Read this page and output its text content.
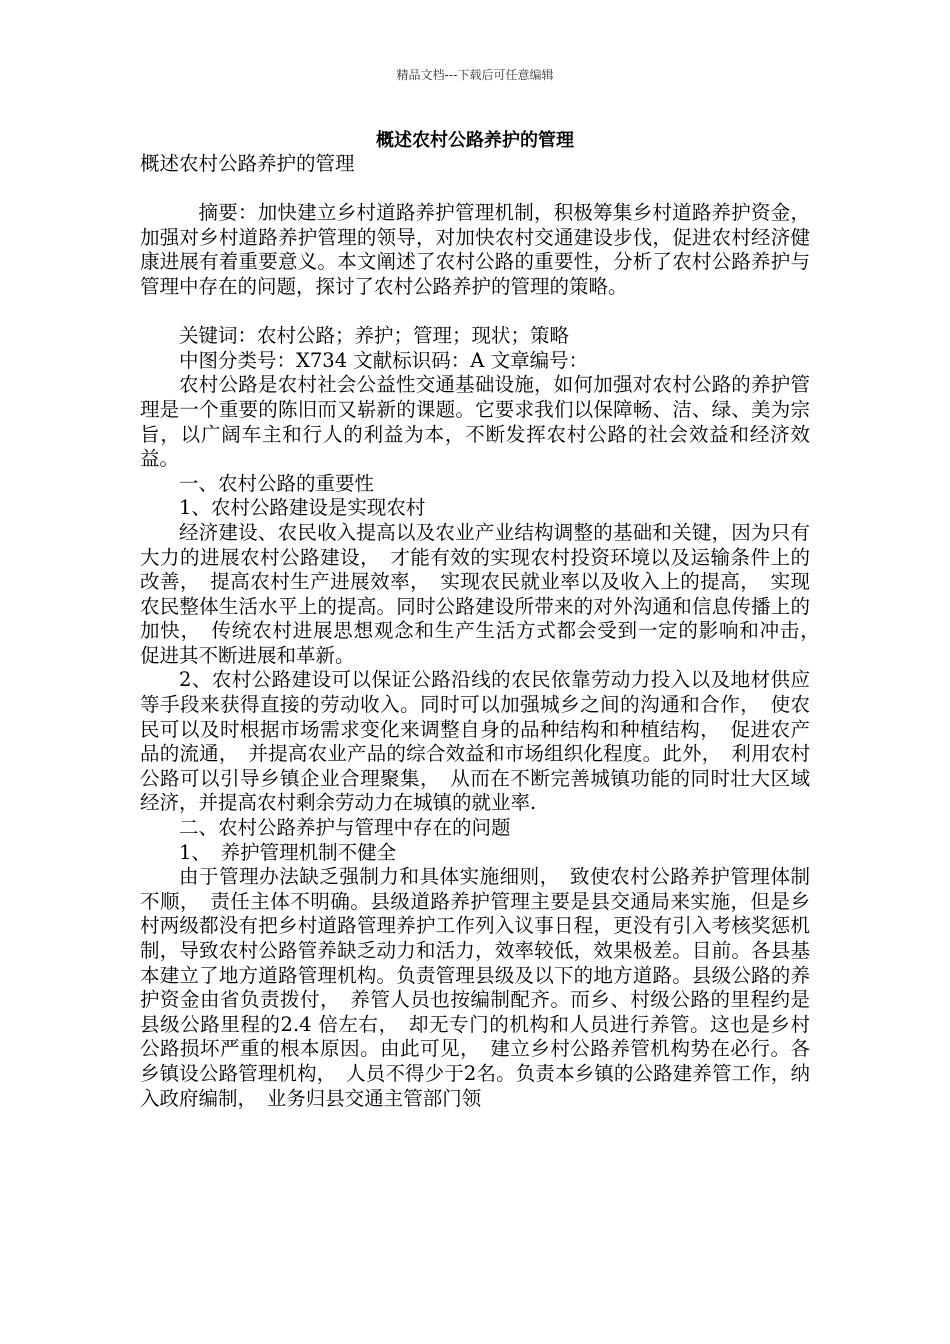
精品文档---下载后可任意编辑
概述农村公路养护的管理

概述农村公路养护的管理

摘要：加快建立乡村道路养护管理机制，积极筹集乡村道路养护资金，加强对乡村道路养护管理的领导，对加快农村交通建设步伐，促进农村经济健康进展有着重要意义。本文阐述了农村公路的重要性，分析了农村公路养护与管理中存在的问题，探讨了农村公路养护的管理的策略。

关键词：农村公路；养护；管理；现状；策略

中图分类号：X734 文献标识码：A 文章编号：

农村公路是农村社会公益性交通基础设施，如何加强对农村公路的养护管理是一个重要的陈旧而又崭新的课题。它要求我们以保障畅、洁、绿、美为宗旨，以广阔车主和行人的利益为本，不断发挥农村公路的社会效益和经济效益。

一、农村公路的重要性

1、农村公路建设是实现农村

经济建设、农民收入提高以及农业产业结构调整的基础和关键，因为只有大力的进展农村公路建设，　才能有效的实现农村投资环境以及运输条件上的改善，　提高农村生产进展效率，　实现农民就业率以及收入上的提高，　实现农民整体生活水平上的提高。同时公路建设所带来的对外沟通和信息传播上的加快，　传统农村进展思想观念和生产生活方式都会受到一定的影响和冲击，　促进其不断进展和革新。

2、农村公路建设可以保证公路沿线的农民依靠劳动力投入以及地材供应等手段来获得直接的劳动收入。同时可以加强城乡之间的沟通和合作，　使农民可以及时根据市场需求变化来调整自身的品种结构和种植结构，　促进农产品的流通，　并提高农业产品的综合效益和市场组织化程度。此外，　利用农村公路可以引导乡镇企业合理聚集，　从而在不断完善城镇功能的同时壮大区域经济，并提高农村剩余劳动力在城镇的就业率.

二、农村公路养护与管理中存在的问题

1、　养护管理机制不健全

由于管理办法缺乏强制力和具体实施细则，　致使农村公路养护管理体制不顺，　责任主体不明确。县级道路养护管理主要是县交通局来实施，但是乡村两级都没有把乡村道路管理养护工作列入议事日程，更没有引入考核奖惩机制，导致农村公路管养缺乏动力和活力，效率较低，效果极差。目前。各县基本建立了地方道路管理机构。负责管理县级及以下的地方道路。县级公路的养护资金由省负责拨付，　养管人员也按编制配齐。而乡、村级公路的里程约是县级公路里程的2.4 倍左右，　却无专门的机构和人员进行养管。这也是乡村公路损坏严重的根本原因。由此可见，　建立乡村公路养管机构势在必行。各乡镇设公路管理机构，　人员不得少于2名。负责本乡镇的公路建养管工作，纳入政府编制，　业务归县交通主管部门领
